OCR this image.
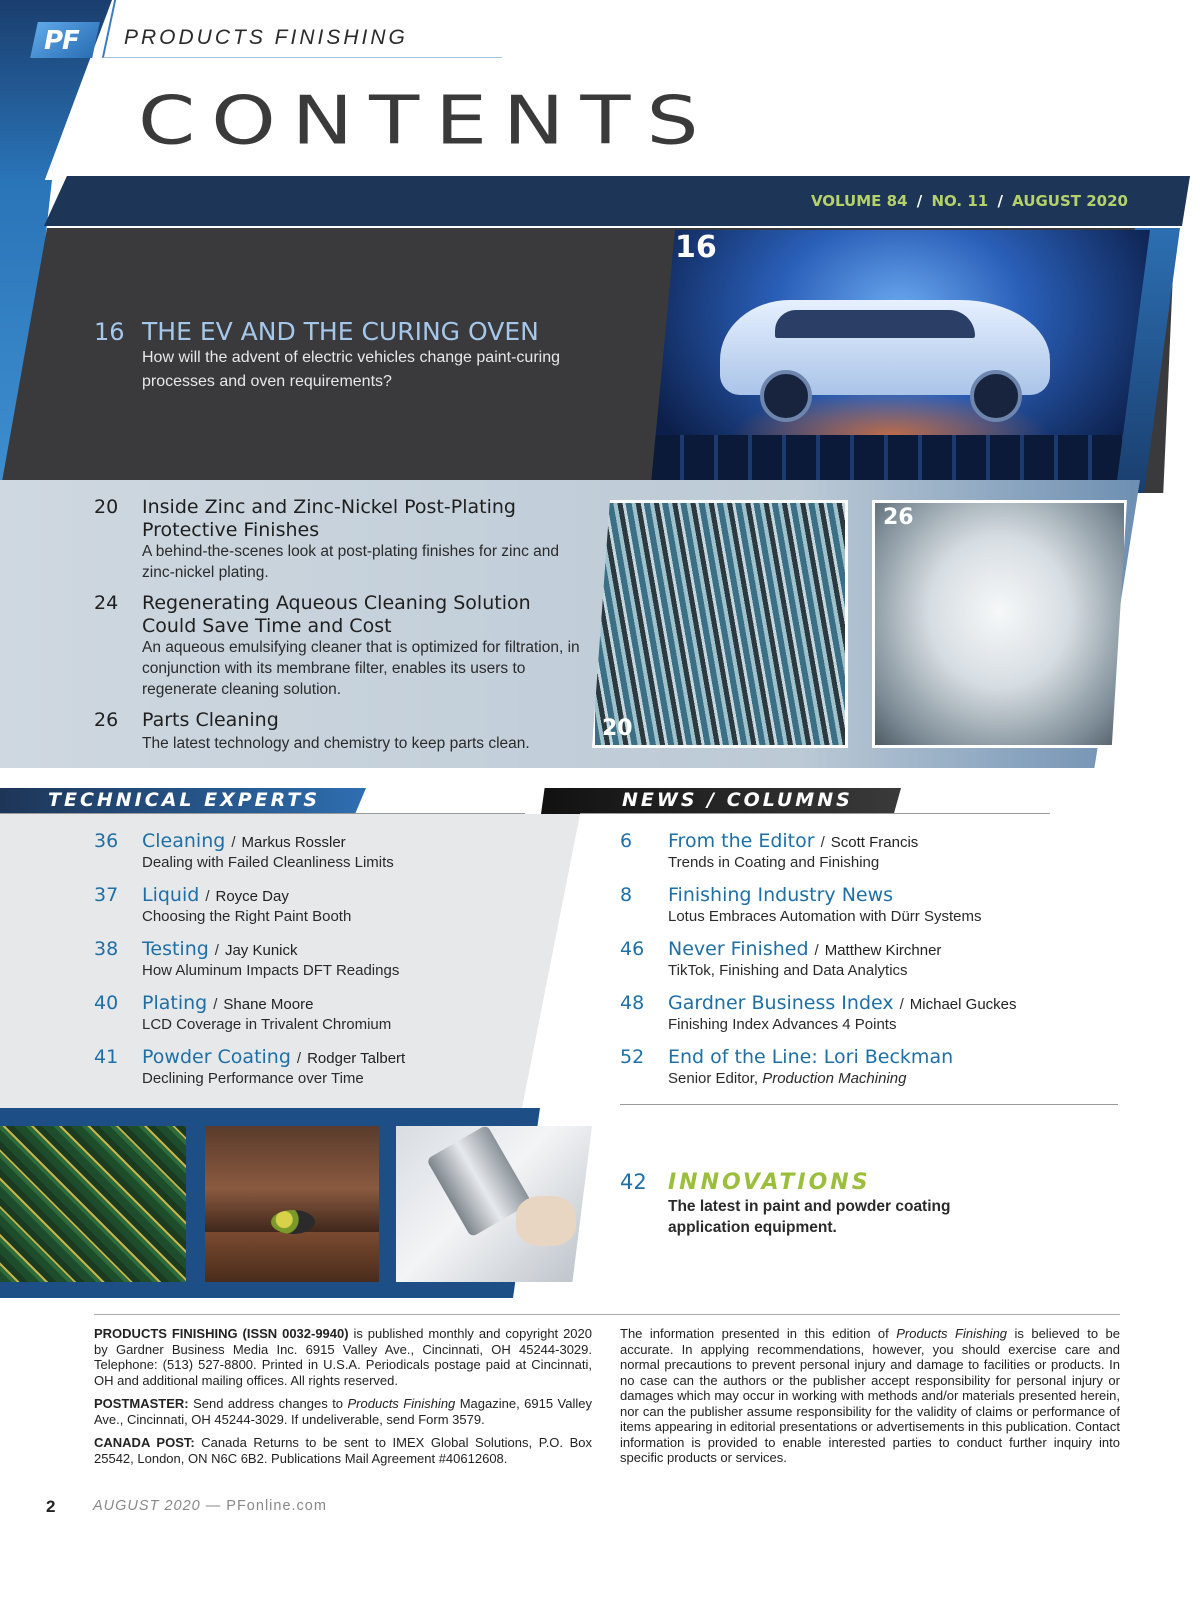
PF PRODUCTS FINISHING
CONTENTS
VOLUME 84 / NO. 11 / AUGUST 2020
16
16 THE EV AND THE CURING OVEN
How will the advent of electric vehicles change paint-curing processes and oven requirements?
20 Inside Zinc and Zinc-Nickel Post-Plating Protective Finishes
A behind-the-scenes look at post-plating finishes for zinc and zinc-nickel plating.
24 Regenerating Aqueous Cleaning Solution Could Save Time and Cost
An aqueous emulsifying cleaner that is optimized for filtration, in conjunction with its membrane filter, enables its users to regenerate cleaning solution.
26 Parts Cleaning
The latest technology and chemistry to keep parts clean.
20
26
TECHNICAL EXPERTS	NEWS / COLUMNS
36 Cleaning / Markus Rossler
Dealing with Failed Cleanliness Limits
37 Liquid / Royce Day
Choosing the Right Paint Booth
38 Testing / Jay Kunick
How Aluminum Impacts DFT Readings
40 Plating / Shane Moore
LCD Coverage in Trivalent Chromium
41 Powder Coating / Rodger Talbert
Declining Performance over Time
6 From the Editor / Scott Francis
Trends in Coating and Finishing
8 Finishing Industry News
Lotus Embraces Automation with Dürr Systems
46 Never Finished / Matthew Kirchner
TikTok, Finishing and Data Analytics
48 Gardner Business Index / Michael Guckes
Finishing Index Advances 4 Points
52 End of the Line: Lori Beckman
Senior Editor, Production Machining
42 INNOVATIONS
The latest in paint and powder coating application equipment.

PRODUCTS FINISHING (ISSN 0032-9940) is published monthly and copyright 2020 by Gardner Business Media Inc. 6915 Valley Ave., Cincinnati, OH 45244-3029. Telephone: (513) 527-8800. Printed in U.S.A. Periodicals postage paid at Cincinnati, OH and additional mailing offices. All rights reserved.

POSTMASTER: Send address changes to Products Finishing Magazine, 6915 Valley Ave., Cincinnati, OH 45244-3029. If undeliverable, send Form 3579.

CANADA POST: Canada Returns to be sent to IMEX Global Solutions, P.O. Box 25542, London, ON N6C 6B2. Publications Mail Agreement #40612608.

The information presented in this edition of Products Finishing is believed to be accurate. In applying recommendations, however, you should exercise care and normal precautions to prevent personal injury and damage to facilities or products. In no case can the authors or the publisher accept responsibility for personal injury or damages which may occur in working with methods and/or materials presented herein, nor can the publisher assume responsibility for the validity of claims or performance of items appearing in editorial presentations or advertisements in this publication. Contact information is provided to enable interested parties to conduct further inquiry into specific products or services.
2	AUGUST 2020 — PFonline.com
